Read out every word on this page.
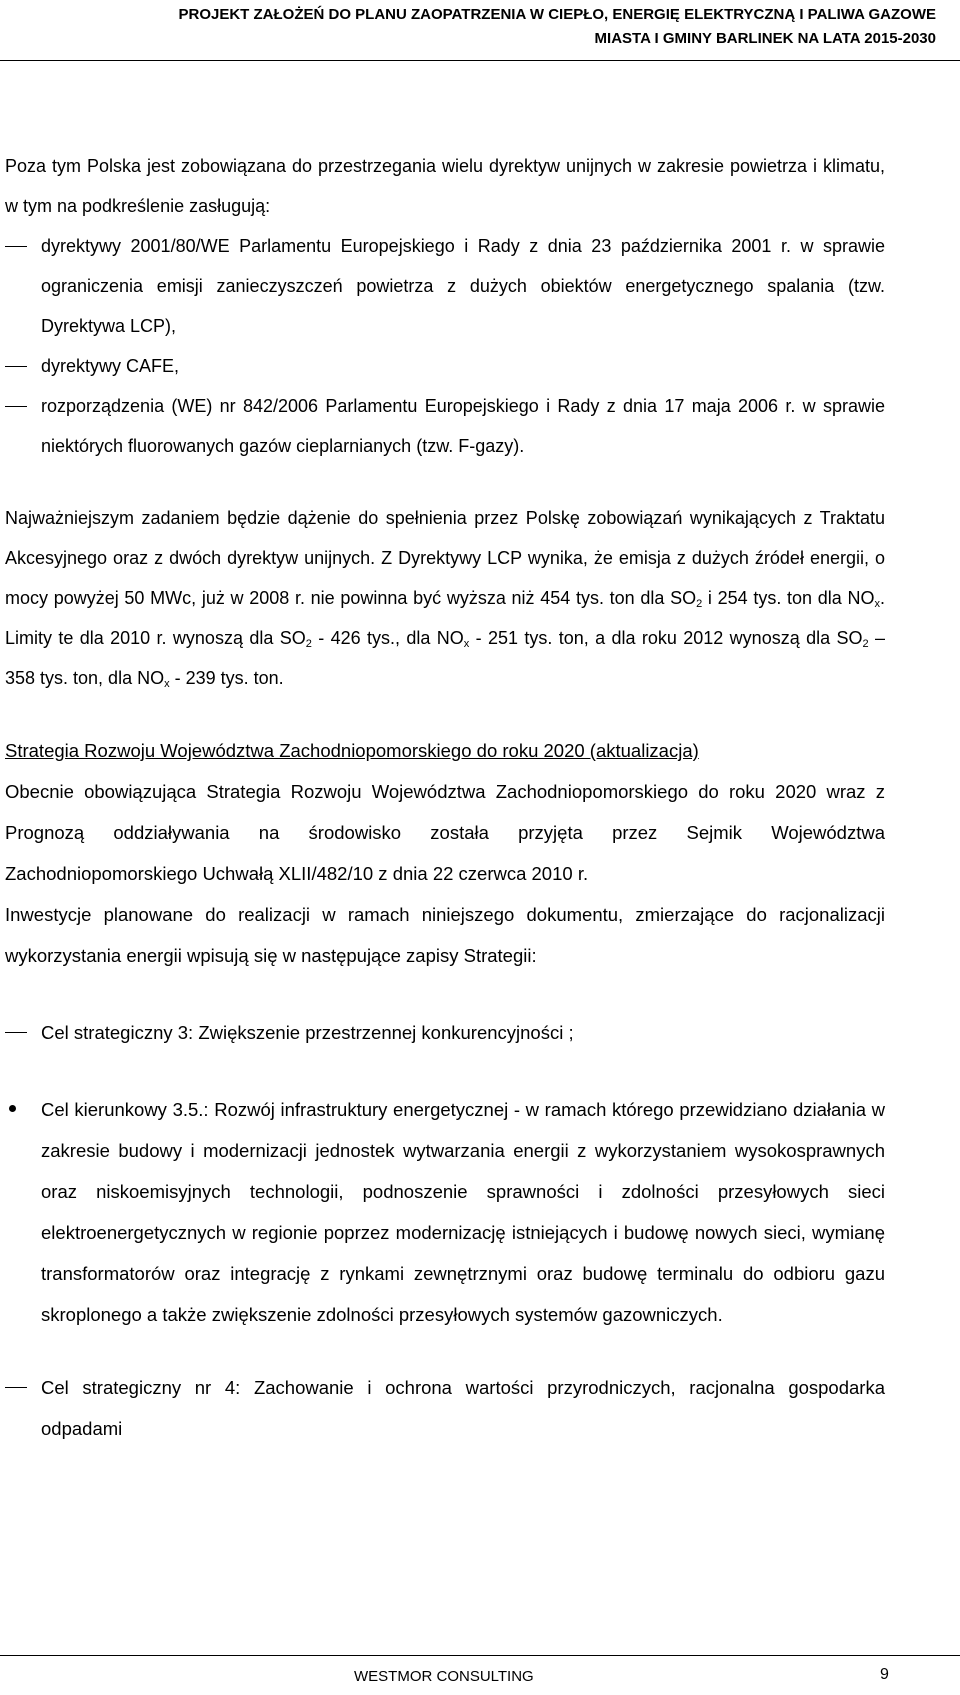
PROJEKT ZAŁOŻEŃ DO PLANU ZAOPATRZENIA W CIEPŁO, ENERGIĘ ELEKTRYCZNĄ I PALIWA GAZOWE
MIASTA I GMINY BARLINEK NA LATA 2015-2030

Poza tym Polska jest zobowiązana do przestrzegania wielu dyrektyw unijnych w zakresie powietrza i klimatu, w tym na podkreślenie zasługują:

dyrektywy 2001/80/WE Parlamentu Europejskiego i Rady z dnia 23 października 2001 r. w sprawie ograniczenia emisji zanieczyszczeń powietrza z dużych obiektów energetycznego spalania (tzw. Dyrektywa LCP),
dyrektywy CAFE,
rozporządzenia (WE) nr 842/2006 Parlamentu Europejskiego i Rady z dnia 17 maja 2006 r. w sprawie niektórych fluorowanych gazów cieplarnianych (tzw. F-gazy).

Najważniejszym zadaniem będzie dążenie do spełnienia przez Polskę zobowiązań wynikających z Traktatu Akcesyjnego oraz z dwóch dyrektyw unijnych. Z Dyrektywy LCP wynika, że emisja z dużych źródeł energii, o mocy powyżej 50 MWc, już w 2008 r. nie powinna być wyższa niż 454 tys. ton dla $SO_2$ i 254 tys. ton dla $NO_x$. Limity te dla 2010 r. wynoszą dla $SO_2 - 426$ tys., dla $NO_x - 251$ tys. ton, a dla roku 2012 wynoszą dla $SO_2 - 358$ tys. ton, dla $NO_x - 239$ tys. ton.

Strategia Rozwoju Województwa Zachodniopomorskiego do roku 2020 (aktualizacja)

Obecnie obowiązująca Strategia Rozwoju Województwa Zachodniopomorskiego do roku 2020 wraz z Prognozą oddziaływania na środowisko została przyjęta przez Sejmik Województwa Zachodniopomorskiego Uchwałą XLII/482/10 z dnia 22 czerwca 2010 r.

Inwestycje planowane do realizacji w ramach niniejszego dokumentu, zmierzające do racjonalizacji wykorzystania energii wpisują się w następujące zapisy Strategii:

Cel strategiczny 3: Zwiększenie przestrzennej konkurencyjności ;
Cel kierunkowy 3.5.: Rozwój infrastruktury energetycznej - w ramach którego przewidziano działania w zakresie budowy i modernizacji jednostek wytwarzania energii z wykorzystaniem wysokosprawnych oraz niskoemisyjnych technologii, podnoszenie sprawności i zdolności przesyłowych sieci elektroenergetycznych w regionie poprzez modernizację istniejących i budowę nowych sieci, wymianę transformatorów oraz integrację z rynkami zewnętrznymi oraz budowę terminalu do odbioru gazu skroplonego a także zwiększenie zdolności przesyłowych systemów gazowniczych.
Cel strategiczny nr 4: Zachowanie i ochrona wartości przyrodniczych, racjonalna gospodarka odpadami
WESTMOR CONSULTING	9
